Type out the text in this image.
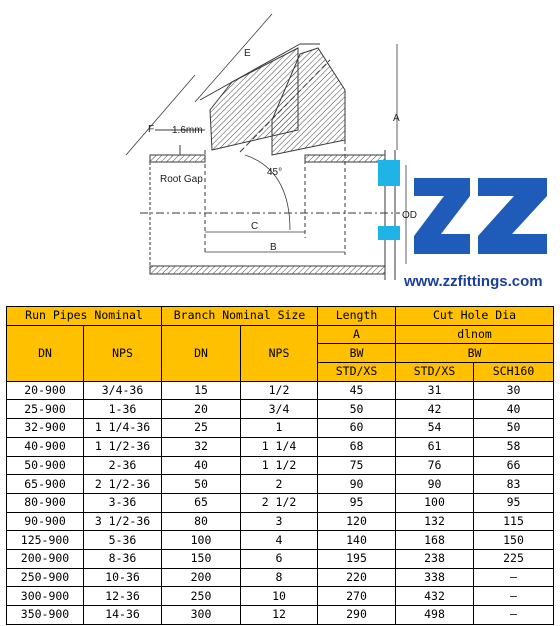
E
F 1.6mm
Root Gap
45°
A
C
B
OD
www.zzfittings.com
Run Pipes Nominal		Branch Nominal Size		Length	Cut Hole Dia	
DN	NPS	DN	NPS	A	dlnom	
				BW	BW	
				STD/XS	STD/XS	SCH160
20-900	3/4-36	15	1/2	45	31	30
25-900	1-36	20	3/4	50	42	40
32-900	1 1/4-36	25	1	60	54	50
40-900	1 1/2-36	32	1 1/4	68	61	58
50-900	2-36	40	1 1/2	75	76	66
65-900	2 1/2-36	50	2	90	90	83
80-900	3-36	65	2 1/2	95	100	95
90-900	3 1/2-36	80	3	120	132	115
125-900	5-36	100	4	140	168	150
200-900	8-36	150	6	195	238	225
250-900	10-36	200	8	220	338	–
300-900	12-36	250	10	270	432	–
350-900	14-36	300	12	290	498	–
